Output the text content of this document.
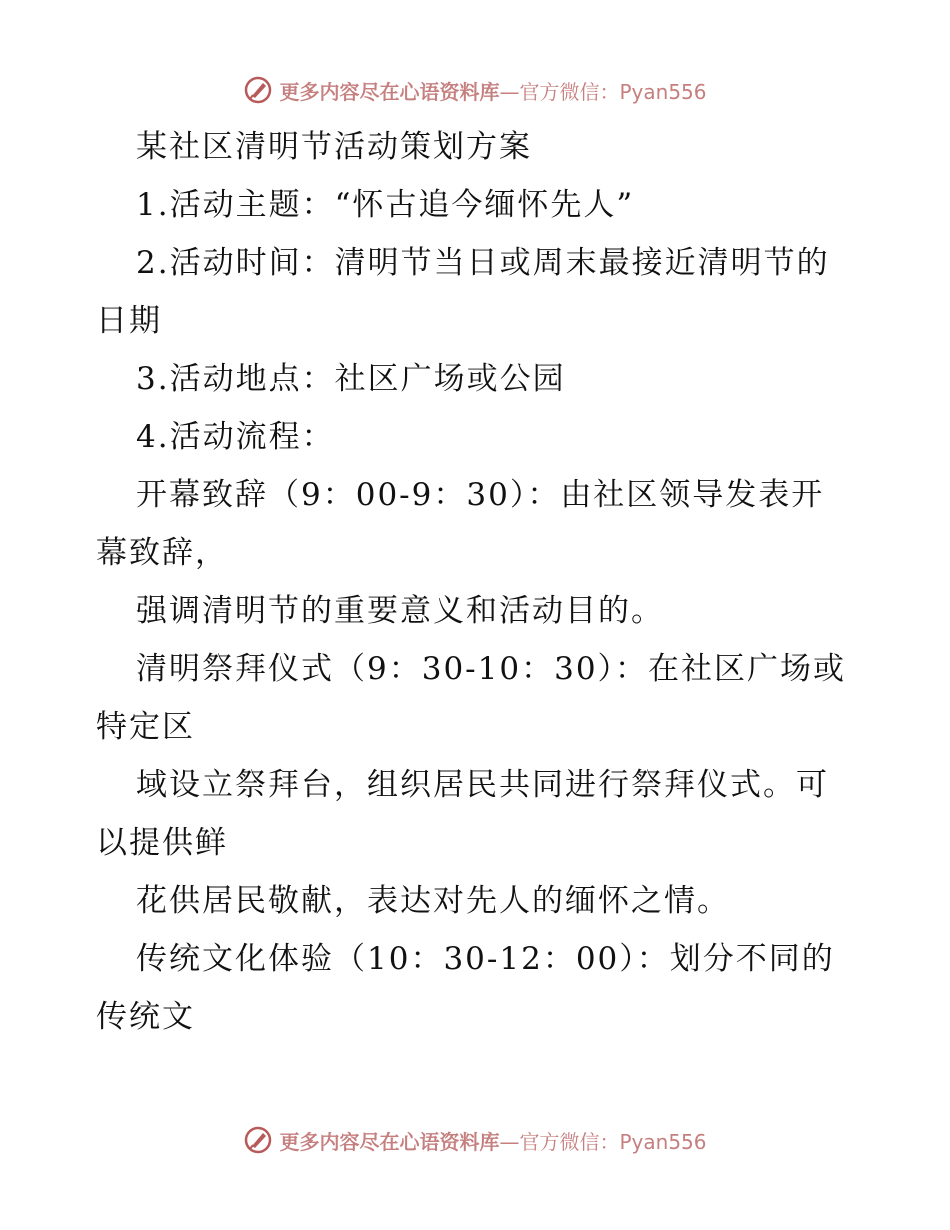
更多内容尽在心语资料库—官方微信：Pyan556
某社区清明节活动策划方案
1.活动主题：“怀古追今缅怀先人”
2.活动时间：清明节当日或周末最接近清明节的
日期
3.活动地点：社区广场或公园
4.活动流程：
开幕致辞（9：00-9：30）：由社区领导发表开
幕致辞，
强调清明节的重要意义和活动目的。
清明祭拜仪式（9：30-10：30）：在社区广场或
特定区
域设立祭拜台，组织居民共同进行祭拜仪式。可
以提供鲜
花供居民敬献，表达对先人的缅怀之情。
传统文化体验（10：30-12：00）：划分不同的
传统文
更多内容尽在心语资料库—官方微信：Pyan556
